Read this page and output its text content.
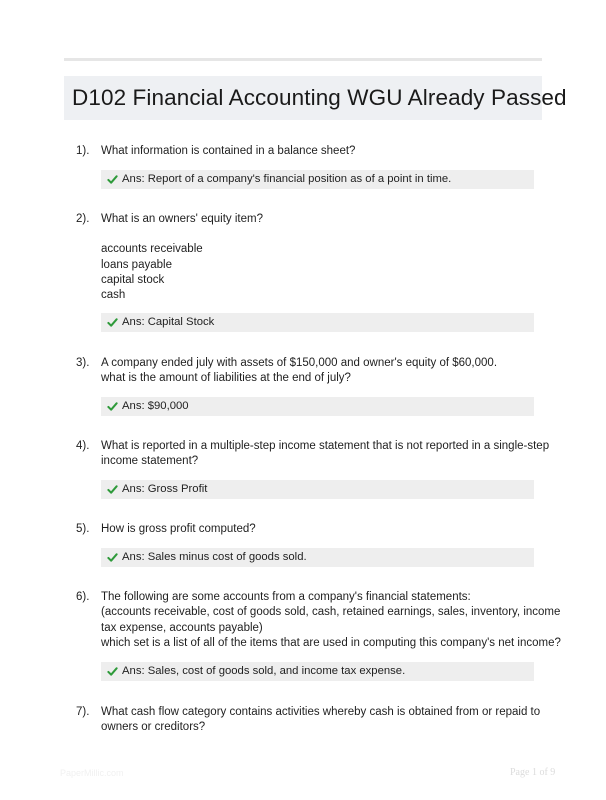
D102 Financial Accounting WGU Already Passed
1). What information is contained in a balance sheet?
Ans: Report of a company's financial position as of a point in time.
2). What is an owners' equity item?
accounts receivable
loans payable
capital stock
cash
Ans: Capital Stock
3). A company ended july with assets of $150,000 and owner's equity of $60,000.
what is the amount of liabilities at the end of july?
Ans: $90,000
4). What is reported in a multiple-step income statement that is not reported in a single-step
income statement?
Ans: Gross Profit
5). How is gross profit computed?
Ans: Sales minus cost of goods sold.
6). The following are some accounts from a company's financial statements:
(accounts receivable, cost of goods sold, cash, retained earnings, sales, inventory, income
tax expense, accounts payable)
which set is a list of all of the items that are used in computing this company's net income?
Ans: Sales, cost of goods sold, and income tax expense.
7). What cash flow category contains activities whereby cash is obtained from or repaid to
owners or creditors?
PaperMillic.com	Page 1 of 9
